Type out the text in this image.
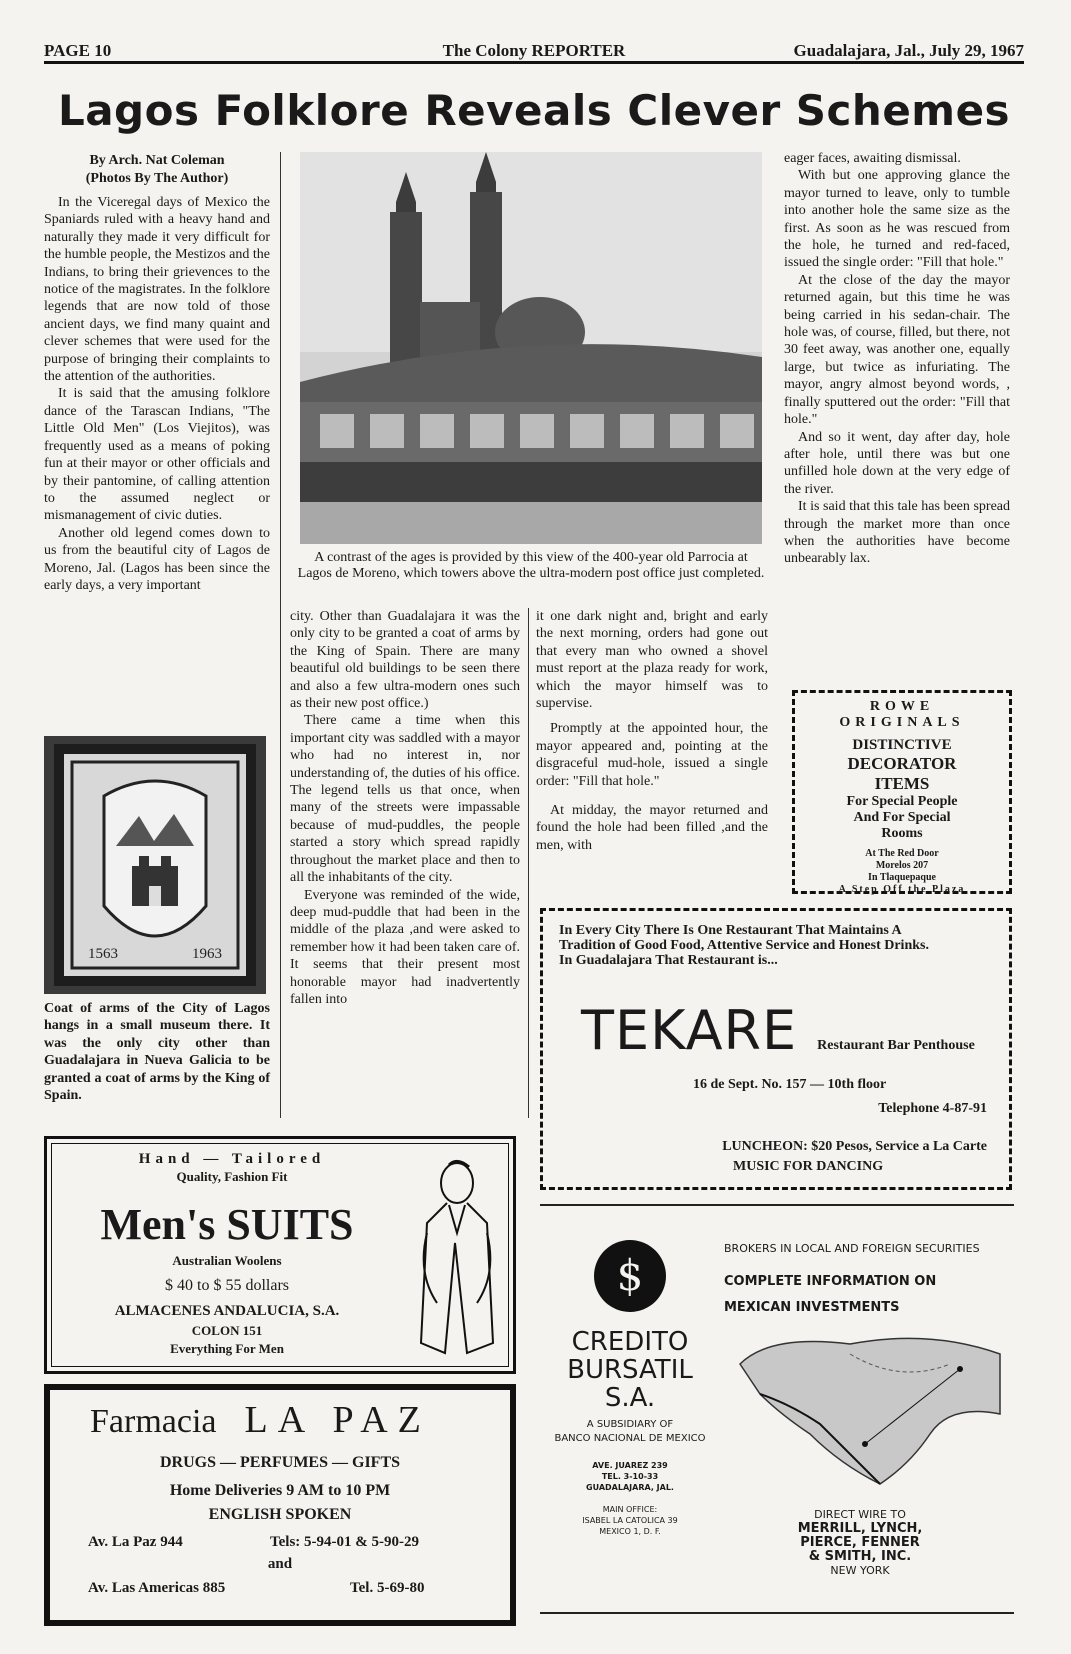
PAGE 10	The Colony REPORTER	Guadalajara, Jal., July 29, 1967
Lagos Folklore Reveals Clever Schemes
By Arch. Nat Coleman
(Photos By The Author)

In the Viceregal days of Mexico the Spaniards ruled with a heavy hand and naturally they made it very difficult for the humble people, the Mestizos and the Indians, to bring their grievences to the notice of the magistrates. In the folklore legends that are now told of those ancient days, we find many quaint and clever schemes that were used for the purpose of bringing their complaints to the attention of the authorities.

It is said that the amusing folklore dance of the Tarascan Indians, "The Little Old Men" (Los Viejitos), was frequently used as a means of poking fun at their mayor or other officials and by their pantomine, of calling attention to the assumed neglect or mismanagement of civic duties.

Another old legend comes down to us from the beautiful city of Lagos de Moreno, Jal. (Lagos has been since the early days, a very important

1563	1963
Coat of arms of the City of Lagos hangs in a small museum there. It was the only city other than Guadalajara in Nueva Galicia to be granted a coat of arms by the King of Spain.
A contrast of the ages is provided by this view of the 400-year old Parrocia at Lagos de Moreno, which towers above the ultra-modern post office just completed.

city. Other than Guadalajara it was the only city to be granted a coat of arms by the King of Spain. There are many beautiful old buildings to be seen there and also a few ultra-modern ones such as their new post office.)

There came a time when this important city was saddled with a mayor who had no interest in, nor understanding of, the duties of his office. The legend tells us that once, when many of the streets were impassable because of mud-puddles, the people started a story which spread rapidly throughout the market place and then to all the inhabitants of the city.

Everyone was reminded of the wide, deep mud-puddle that had been in the middle of the plaza ,and were asked to remember how it had been taken care of. It seems that their present most honorable mayor had inadvertently fallen into

it one dark night and, bright and early the next morning, orders had gone out that every man who owned a shovel must report at the plaza ready for work, which the mayor himself was to supervise.

Promptly at the appointed hour, the mayor appeared and, pointing at the disgraceful mud-hole, issued a single order: "Fill that hole."

At midday, the mayor returned and found the hole had been filled ,and the men, with

eager faces, awaiting dismissal.

With but one approving glance the mayor turned to leave, only to tumble into another hole the same size as the first. As soon as he was rescued from the hole, he turned and red-faced, issued the single order: "Fill that hole."

At the close of the day the mayor returned again, but this time he was being carried in his sedan-chair. The hole was, of course, filled, but there, not 30 feet away, was another one, equally large, but twice as infuriating. The mayor, angry almost beyond words, , finally sputtered out the order: "Fill that hole."

And so it went, day after day, hole after hole, until there was but one unfilled hole down at the very edge of the river.

It is said that this tale has been spread through the market more than once when the authorities have become unbearably lax.

ROWE
ORIGINALS
DISTINCTIVE
DECORATOR
ITEMS
For Special People
And For Special
Rooms
At The Red Door
Morelos 207
In Tlaquepaque
A Step Off the Plaza
In Every City There Is One Restaurant That Maintains A Tradition of Good Food, Attentive Service and Honest Drinks. In Guadalajara That Restaurant is...
TEKARE Restaurant Bar Penthouse
16 de Sept. No. 157 — 10th floor
Telephone 4-87-91
LUNCHEON: $20 Pesos, Service a La Carte
MUSIC FOR DANCING
Hand — Tailored
Quality, Fashion Fit
Men's SUITS
Australian Woolens
$ 40 to $ 55 dollars
ALMACENES ANDALUCIA, S.A.
COLON 151
Everything For Men
Farmacia LA PAZ
DRUGS — PERFUMES — GIFTS
Home Deliveries 9 AM to 10 PM
ENGLISH SPOKEN
Av. La Paz 944	Tels: 5-94-01 & 5-90-29
and
Av. Las Americas 885	Tel. 5-69-80
$
CREDITO
BURSATIL
S.A.
A SUBSIDIARY OF
BANCO NACIONAL DE MEXICO
AVE. JUAREZ 239
TEL. 3-10-33
GUADALAJARA, JAL.
MAIN OFFICE:
ISABEL LA CATOLICA 39
MEXICO 1, D. F.
BROKERS IN LOCAL AND FOREIGN SECURITIES
COMPLETE INFORMATION ON
MEXICAN INVESTMENTS
DIRECT WIRE TO
MERRILL, LYNCH,
PIERCE, FENNER
& SMITH, INC.
NEW YORK
